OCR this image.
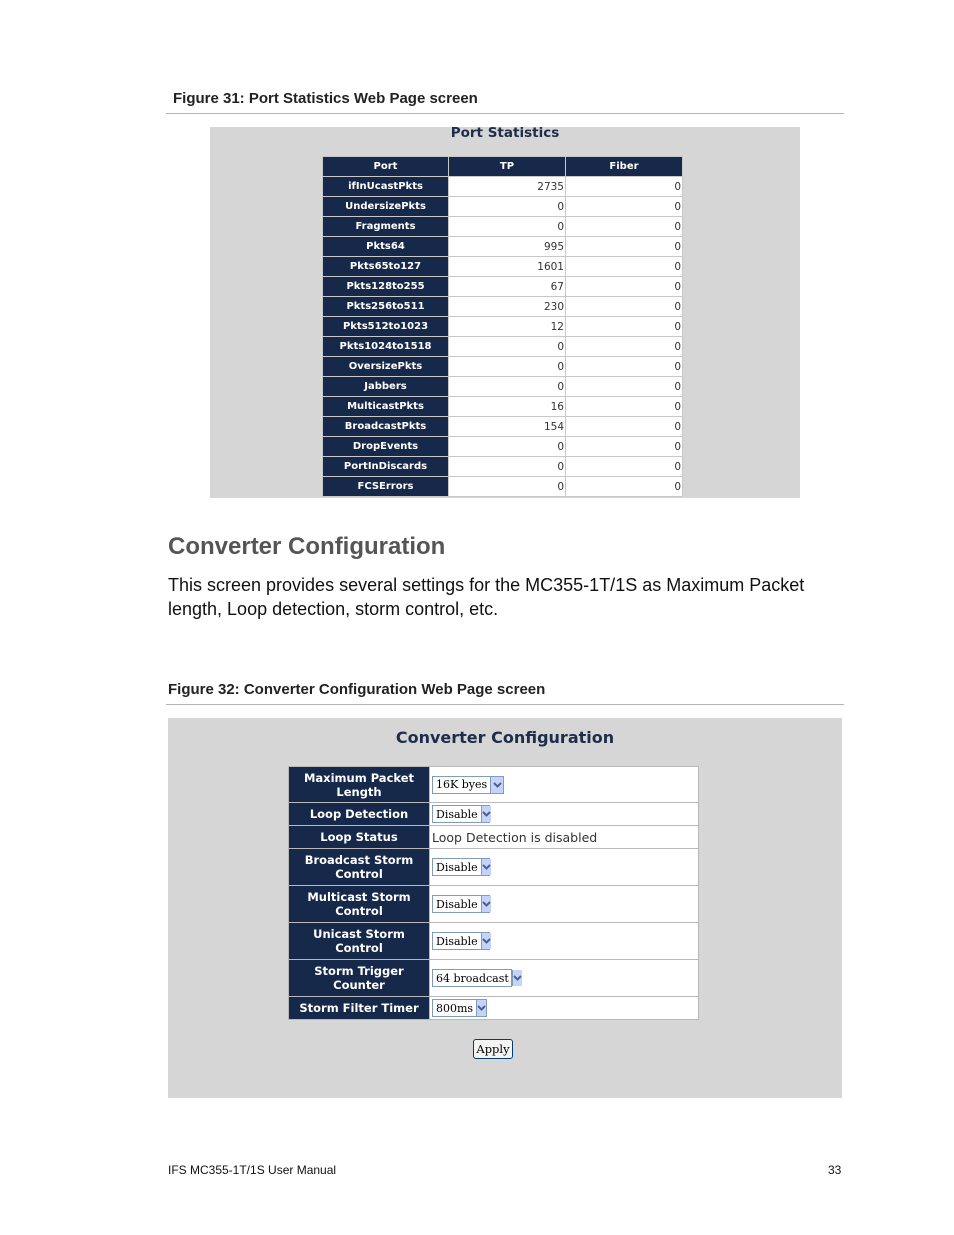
Figure 31: Port Statistics Web Page screen
Port Statistics
Port	TP	Fiber
ifInUcastPkts	2735	0
UndersizePkts	0	0
Fragments	0	0
Pkts64	995	0
Pkts65to127	1601	0
Pkts128to255	67	0
Pkts256to511	230	0
Pkts512to1023	12	0
Pkts1024to1518	0	0
OversizePkts	0	0
Jabbers	0	0
MulticastPkts	16	0
BroadcastPkts	154	0
DropEvents	0	0
PortInDiscards	0	0
FCSErrors	0	0
Converter Configuration
This screen provides several settings for the MC355-1T/1S as Maximum Packet length, Loop detection, storm control, etc.
Figure 32: Converter Configuration Web Page screen
Converter Configuration
Maximum Packet
Length	16K byes

Loop Detection	Disable

Loop Status	Loop Detection is disabled
Broadcast Storm
Control	Disable

Multicast Storm
Control	Disable

Unicast Storm
Control	Disable

Storm Trigger
Counter	64 broadcast

Storm Filter Timer	800ms
Apply
IFS MC355-1T/1S User Manual	33
